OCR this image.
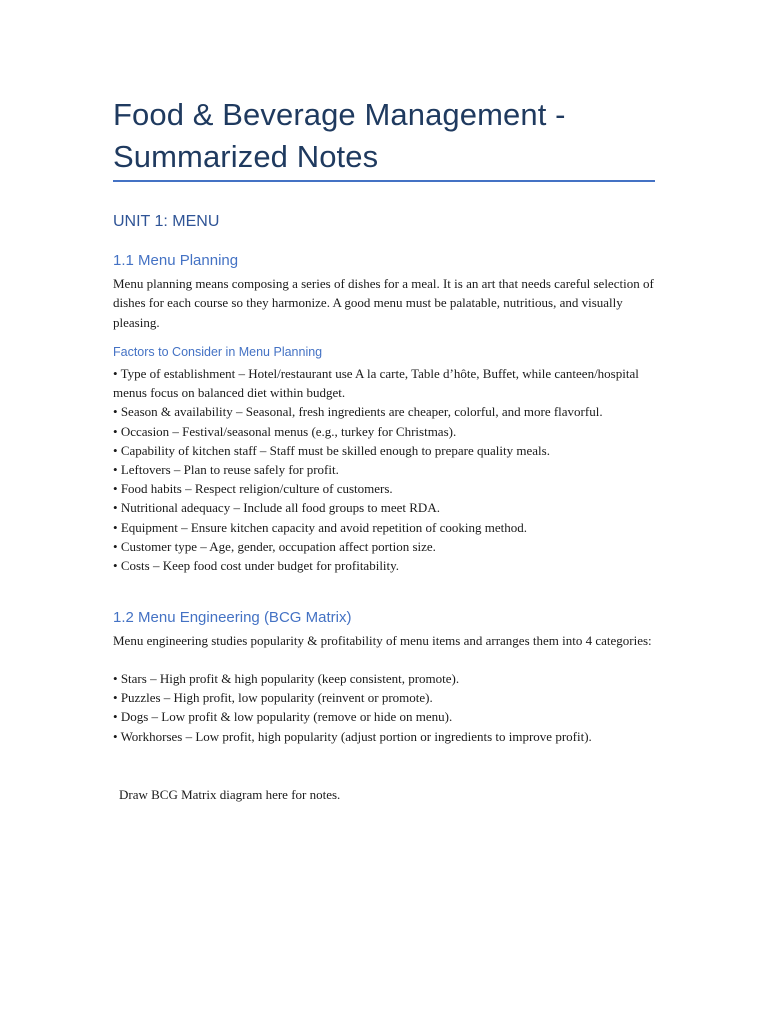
Food & Beverage Management -
Summarized Notes
UNIT 1: MENU
1.1 Menu Planning

Menu planning means composing a series of dishes for a meal. It is an art that needs careful selection of dishes for each course so they harmonize. A good menu must be palatable, nutritious, and visually pleasing.

Factors to Consider in Menu Planning
• Type of establishment – Hotel/restaurant use A la carte, Table d’hôte, Buffet, while canteen/hospital menus focus on balanced diet within budget.
• Season & availability – Seasonal, fresh ingredients are cheaper, colorful, and more flavorful.
• Occasion – Festival/seasonal menus (e.g., turkey for Christmas).
• Capability of kitchen staff – Staff must be skilled enough to prepare quality meals.
• Leftovers – Plan to reuse safely for profit.
• Food habits – Respect religion/culture of customers.
• Nutritional adequacy – Include all food groups to meet RDA.
• Equipment – Ensure kitchen capacity and avoid repetition of cooking method.
• Customer type – Age, gender, occupation affect portion size.
• Costs – Keep food cost under budget for profitability.
1.2 Menu Engineering (BCG Matrix)

Menu engineering studies popularity & profitability of menu items and arranges them into 4 categories:

• Stars – High profit & high popularity (keep consistent, promote).
• Puzzles – High profit, low popularity (reinvent or promote).
• Dogs – Low profit & low popularity (remove or hide on menu).
• Workhorses – Low profit, high popularity (adjust portion or ingredients to improve profit).

Draw BCG Matrix diagram here for notes.
